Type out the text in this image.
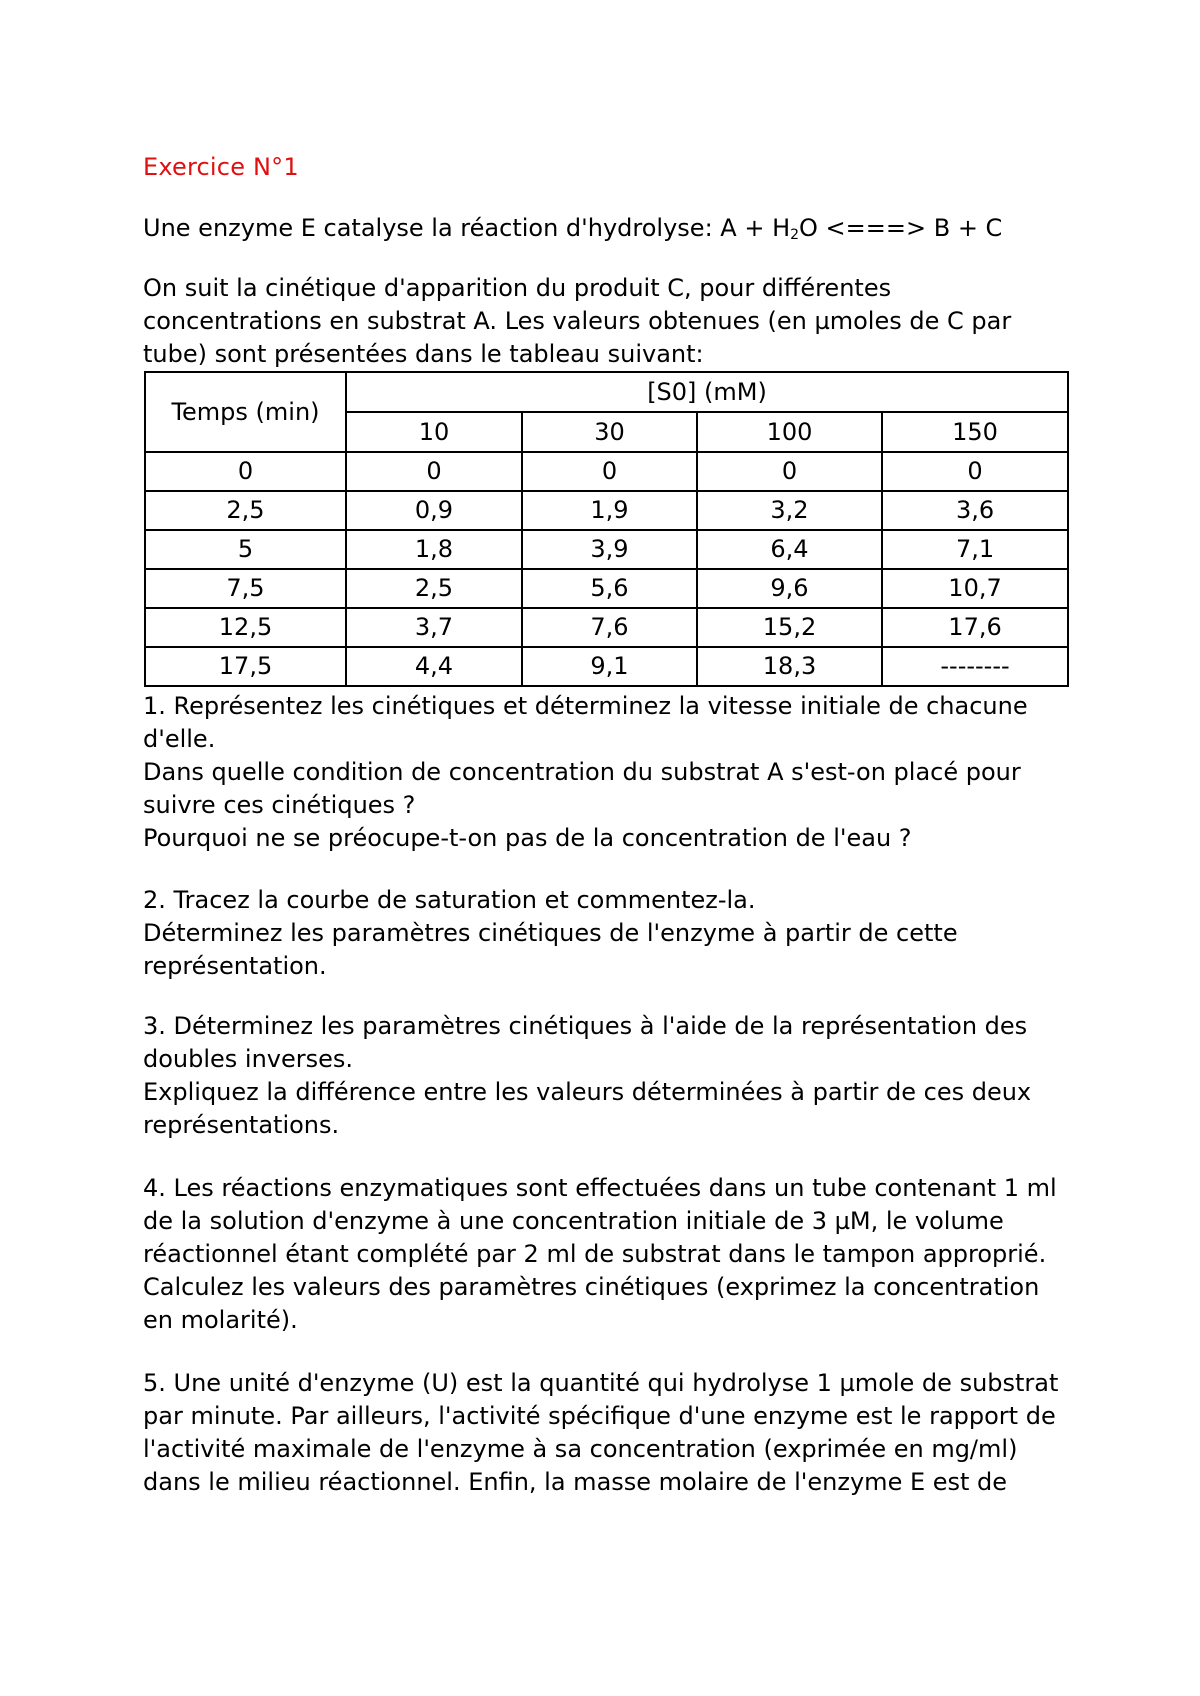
Exercice N°1
Une enzyme E catalyse la réaction d'hydrolyse: $A + H_2O$ <===> B + C
On suit la cinétique d'apparition du produit C, pour différentes
concentrations en substrat A. Les valeurs obtenues (en µmoles de C par
tube) sont présentées dans le tableau suivant:
Temps (min)	[S0] (mM)			
	10	30	100	150
0	0	0	0	0
2,5	0,9	1,9	3,2	3,6
5	1,8	3,9	6,4	7,1
7,5	2,5	5,6	9,6	10,7
12,5	3,7	7,6	15,2	17,6
17,5	4,4	9,1	18,3	--------
1. Représentez les cinétiques et déterminez la vitesse initiale de chacune
d'elle.
Dans quelle condition de concentration du substrat A s'est-on placé pour
suivre ces cinétiques ?
Pourquoi ne se préocupe-t-on pas de la concentration de l'eau ?
2. Tracez la courbe de saturation et commentez-la.
Déterminez les paramètres cinétiques de l'enzyme à partir de cette
représentation.
3. Déterminez les paramètres cinétiques à l'aide de la représentation des
doubles inverses.
Expliquez la différence entre les valeurs déterminées à partir de ces deux
représentations.
4. Les réactions enzymatiques sont effectuées dans un tube contenant 1 ml
de la solution d'enzyme à une concentration initiale de 3 µM, le volume
réactionnel étant complété par 2 ml de substrat dans le tampon approprié.
Calculez les valeurs des paramètres cinétiques (exprimez la concentration
en molarité).
5. Une unité d'enzyme (U) est la quantité qui hydrolyse 1 µmole de substrat
par minute. Par ailleurs, l'activité spécifique d'une enzyme est le rapport de
l'activité maximale de l'enzyme à sa concentration (exprimée en mg/ml)
dans le milieu réactionnel. Enfin, la masse molaire de l'enzyme E est de
